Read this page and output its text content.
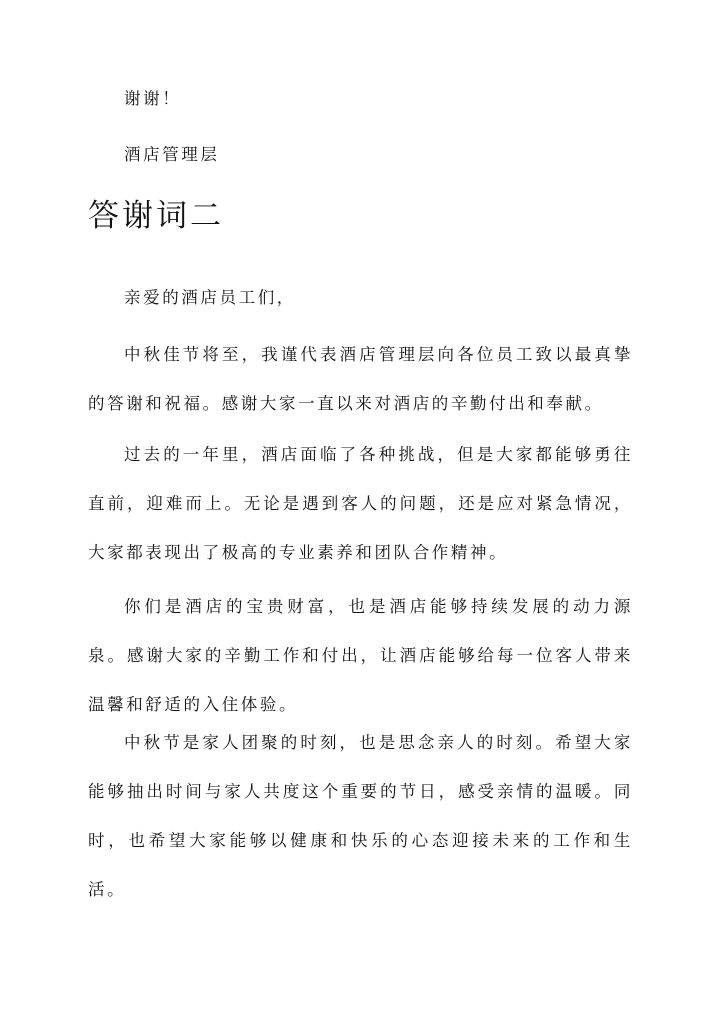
谢谢！

酒店管理层

答谢词二

亲爱的酒店员工们，

中秋佳节将至，我谨代表酒店管理层向各位员工致以最真挚的答谢和祝福。感谢大家一直以来对酒店的辛勤付出和奉献。

过去的一年里，酒店面临了各种挑战，但是大家都能够勇往直前，迎难而上。无论是遇到客人的问题，还是应对紧急情况，大家都表现出了极高的专业素养和团队合作精神。

你们是酒店的宝贵财富，也是酒店能够持续发展的动力源泉。感谢大家的辛勤工作和付出，让酒店能够给每一位客人带来温馨和舒适的入住体验。

中秋节是家人团聚的时刻，也是思念亲人的时刻。希望大家能够抽出时间与家人共度这个重要的节日，感受亲情的温暖。同时，也希望大家能够以健康和快乐的心态迎接未来的工作和生活。
